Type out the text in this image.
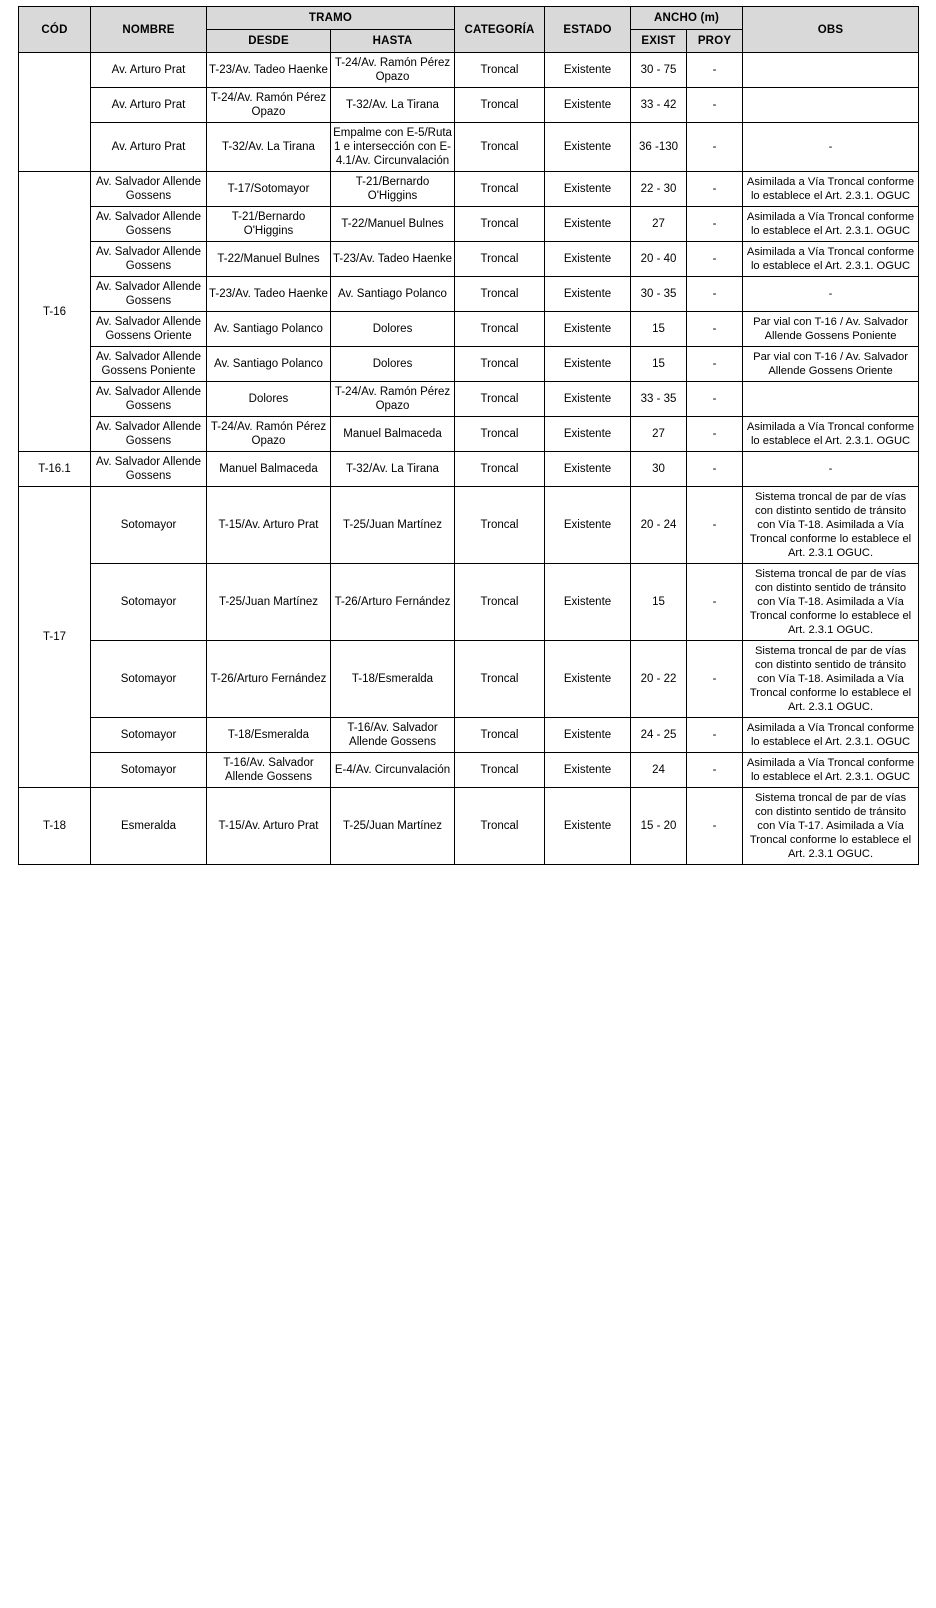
CÓD	NOMBRE	TRAMO		CATEGORÍA	ESTADO	ANCHO (m)		OBS
		DESDE	HASTA			EXIST	PROY	
	Av. Arturo Prat	T-23/Av. Tadeo Haenke	T-24/Av. Ramón Pérez Opazo	Troncal	Existente	30 - 75	-	
	Av. Arturo Prat	T-24/Av. Ramón Pérez Opazo	T-32/Av. La Tirana	Troncal	Existente	33 - 42	-	
	Av. Arturo Prat	T-32/Av. La Tirana	Empalme con E-5/Ruta 1 e intersección con E-4.1/Av. Circunvalación	Troncal	Existente	36 -130	-	-
T-16	Av. Salvador Allende Gossens	T-17/Sotomayor	T-21/Bernardo O'Higgins	Troncal	Existente	22 - 30	-	Asimilada a Vía Troncal conforme lo establece el Art. 2.3.1. OGUC
	Av. Salvador Allende Gossens	T-21/Bernardo O'Higgins	T-22/Manuel Bulnes	Troncal	Existente	27	-	Asimilada a Vía Troncal conforme lo establece el Art. 2.3.1. OGUC
	Av. Salvador Allende Gossens	T-22/Manuel Bulnes	T-23/Av. Tadeo Haenke	Troncal	Existente	20 - 40	-	Asimilada a Vía Troncal conforme lo establece el Art. 2.3.1. OGUC
	Av. Salvador Allende Gossens	T-23/Av. Tadeo Haenke	Av. Santiago Polanco	Troncal	Existente	30 - 35	-	-
	Av. Salvador Allende Gossens Oriente	Av. Santiago Polanco	Dolores	Troncal	Existente	15	-	Par vial con T-16 / Av. Salvador Allende Gossens Poniente
	Av. Salvador Allende Gossens Poniente	Av. Santiago Polanco	Dolores	Troncal	Existente	15	-	Par vial con T-16 / Av. Salvador Allende Gossens Oriente
	Av. Salvador Allende Gossens	Dolores	T-24/Av. Ramón Pérez Opazo	Troncal	Existente	33 - 35	-	
	Av. Salvador Allende Gossens	T-24/Av. Ramón Pérez Opazo	Manuel Balmaceda	Troncal	Existente	27	-	Asimilada a Vía Troncal conforme lo establece el Art. 2.3.1. OGUC
T-16.1	Av. Salvador Allende Gossens	Manuel Balmaceda	T-32/Av. La Tirana	Troncal	Existente	30	-	-
T-17	Sotomayor	T-15/Av. Arturo Prat	T-25/Juan Martínez	Troncal	Existente	20 - 24	-	Sistema troncal de par de vías con distinto sentido de tránsito con Vía T-18. Asimilada a Vía Troncal conforme lo establece el Art. 2.3.1 OGUC.
	Sotomayor	T-25/Juan Martínez	T-26/Arturo Fernández	Troncal	Existente	15	-	Sistema troncal de par de vías con distinto sentido de tránsito con Vía T-18. Asimilada a Vía Troncal conforme lo establece el Art. 2.3.1 OGUC.
	Sotomayor	T-26/Arturo Fernández	T-18/Esmeralda	Troncal	Existente	20 - 22	-	Sistema troncal de par de vías con distinto sentido de tránsito con Vía T-18. Asimilada a Vía Troncal conforme lo establece el Art. 2.3.1 OGUC.
	Sotomayor	T-18/Esmeralda	T-16/Av. Salvador Allende Gossens	Troncal	Existente	24 - 25	-	Asimilada a Vía Troncal conforme lo establece el Art. 2.3.1. OGUC
	Sotomayor	T-16/Av. Salvador Allende Gossens	E-4/Av. Circunvalación	Troncal	Existente	24	-	Asimilada a Vía Troncal conforme lo establece el Art. 2.3.1. OGUC
T-18	Esmeralda	T-15/Av. Arturo Prat	T-25/Juan Martínez	Troncal	Existente	15 - 20	-	Sistema troncal de par de vías con distinto sentido de tránsito con Vía T-17. Asimilada a Vía Troncal conforme lo establece el Art. 2.3.1 OGUC.
